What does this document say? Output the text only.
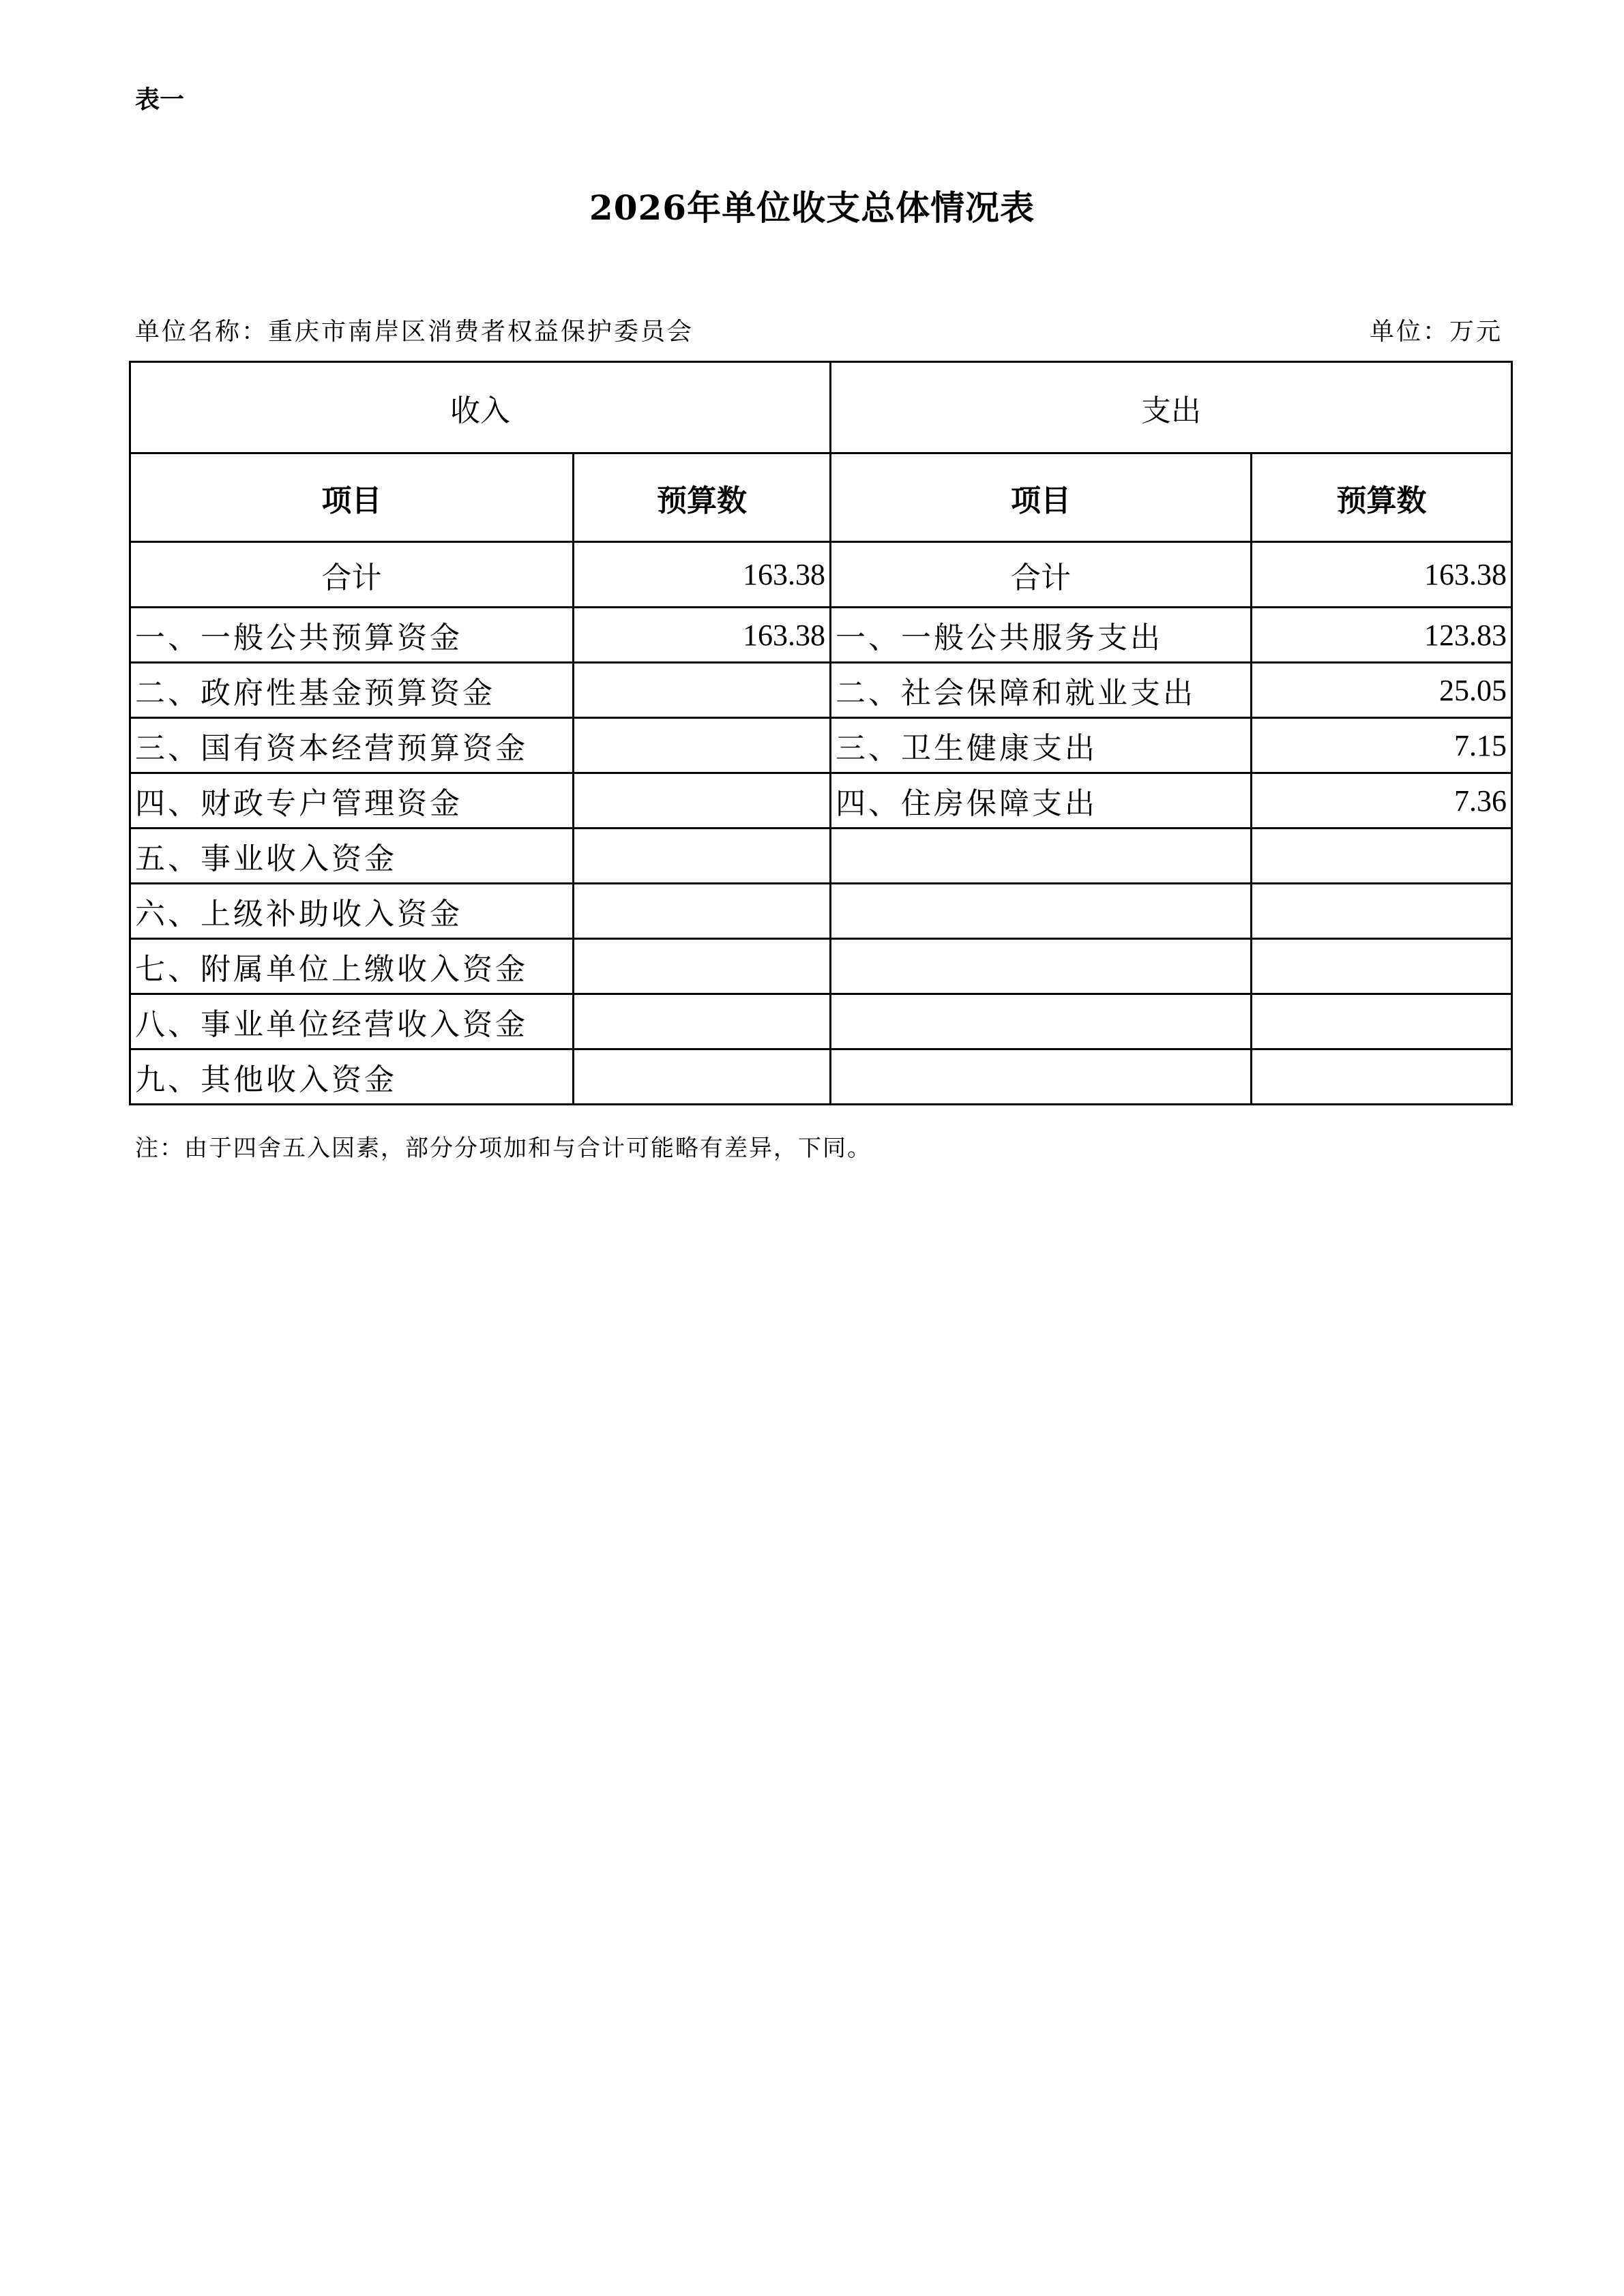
表一
2026年单位收支总体情况表
单位名称：重庆市南岸区消费者权益保护委员会	单位：万元
收入		支出	
项目	预算数	项目	预算数
合计	163.38	合计	163.38
一、一般公共预算资金	163.38	一、一般公共服务支出	123.83
二、政府性基金预算资金		二、社会保障和就业支出	25.05
三、国有资本经营预算资金		三、卫生健康支出	7.15
四、财政专户管理资金		四、住房保障支出	7.36
五、事业收入资金			
六、上级补助收入资金			
七、附属单位上缴收入资金			
八、事业单位经营收入资金			
九、其他收入资金			
注：由于四舍五入因素，部分分项加和与合计可能略有差异，下同。
